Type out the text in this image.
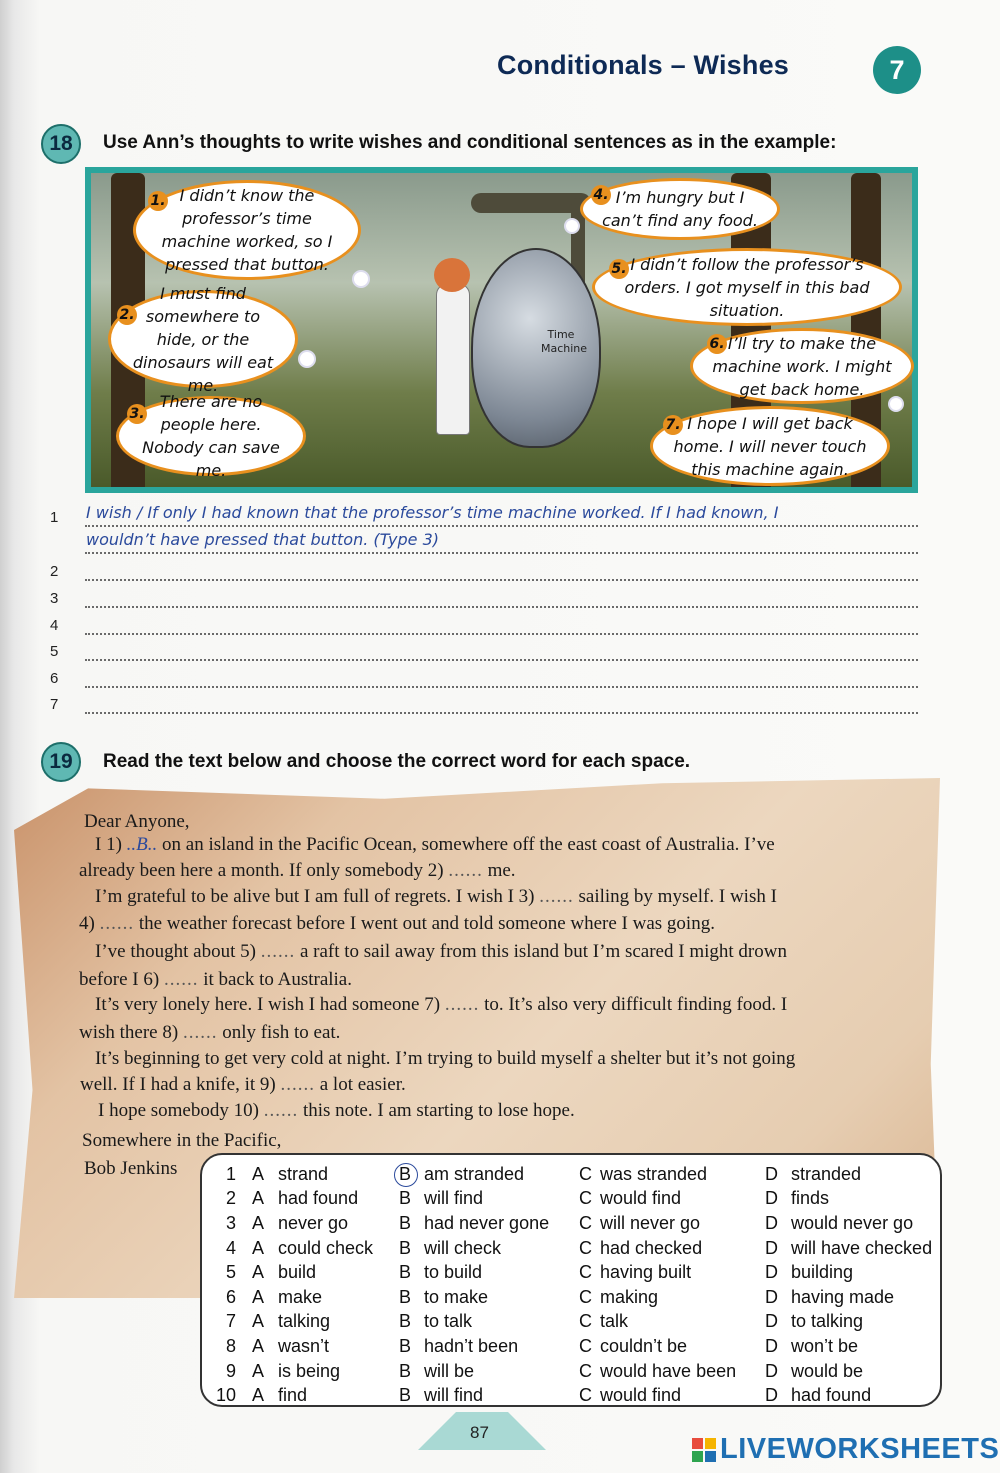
Conditionals – Wishes	7
18	Use Ann’s thoughts to write wishes and conditional sentences as in the example:
Time Machine
1. I didn’t know the professor’s time machine worked, so I pressed that button.
2.
I must find somewhere to hide, or the dinosaurs will eat me.
3.
There are no people here. Nobody can save me.
4. I’m hungry but I can’t find any food.
5. I didn’t follow the professor’s orders. I got myself in this bad situation.
6. I’ll try to make the machine work. I might get back home.
7. I hope I will get back home. I will never touch this machine again.
1 I wish / If only I had known that the professor’s time machine worked. If I had known, I
wouldn’t have pressed that button. (Type 3)
2
3
4
5
6
7
19	Read the text below and choose the correct word for each space.
Dear Anyone,
I 1) ..B.. on an island in the Pacific Ocean, somewhere off the east coast of Australia. I’ve
already been here a month. If only somebody 2) ...... me.
I’m grateful to be alive but I am full of regrets. I wish I 3) ...... sailing by myself. I wish I
4) ...... the weather forecast before I went out and told someone where I was going.
I’ve thought about 5) ...... a raft to sail away from this island but I’m scared I might drown
before I 6) ...... it back to Australia.
It’s very lonely here. I wish I had someone 7) ...... to. It’s also very difficult finding food. I
wish there 8) ...... only fish to eat.
It’s beginning to get very cold at night. I’m trying to build myself a shelter but it’s not going
well. If I had a knife, it 9) ...... a lot easier.
I hope somebody 10) ...... this note. I am starting to lose hope.
Somewhere in the Pacific,
Bob Jenkins	1 A strand	B am stranded	C was stranded	D stranded
2 A had found B will find	C would find	D finds
3 A never go	B had never gone C will never go	D would never go
4 A could check B will check	C had checked	D will have checked
5 A build	B to build	C having built	D building
6 A make	B to make	C making	D having made
7 A talking	B to talk	C talk	D to talking
8 A wasn’t	B hadn’t been	C couldn’t be	D won’t be
9 A is being	B will be	C would have been D would be
10 A find	B will find	C would find	D had found
87
LIVEWORKSHEETS
